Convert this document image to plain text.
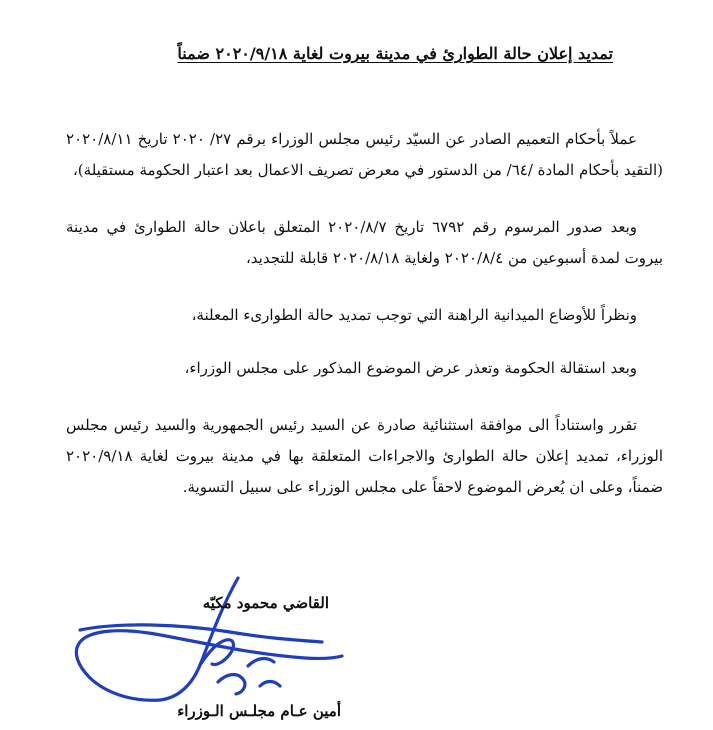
تمديد إعلان حالة الطوارئ في مدينة بيروت لغاية ٢٠٢٠/٩/١٨ ضمناً

عملاً بأحكام التعميم الصادر عن السيّد رئيس مجلس الوزراء برقم ٢٧/ ٢٠٢٠ تاريخ ٢٠٢٠/٨/١١ (التقيد بأحكام المادة /٦٤/ من الدستور في معرض تصريف الاعمال بعد اعتبار الحكومة مستقيلة)،

وبعد صدور المرسوم رقم ٦٧٩٢ تاريخ ٢٠٢٠/٨/٧ المتعلق باعلان حالة الطوارئ في مدينة بيروت لمدة أسبوعين من ٢٠٢٠/٨/٤ ولغاية ٢٠٢٠/٨/١٨ قابلة للتجديد،

ونظراً للأوضاع الميدانية الراهنة التي توجب تمديد حالة الطوارىء المعلنة،

وبعد استقالة الحكومة وتعذر عرض الموضوع المذكور على مجلس الوزراء،

تقرر واستناداً الى موافقة استثنائية صادرة عن السيد رئيس الجمهورية والسيد رئيس مجلس الوزراء، تمديد إعلان حالة الطوارئ والاجراءات المتعلقة بها في مدينة بيروت لغاية ٢٠٢٠/٩/١٨ ضمناً، وعلى ان يُعرض الموضوع لاحقاً على مجلس الوزراء على سبيل التسوية.

القاضي محمود مكيّه
أمين عـام مجلـس الـوزراء
